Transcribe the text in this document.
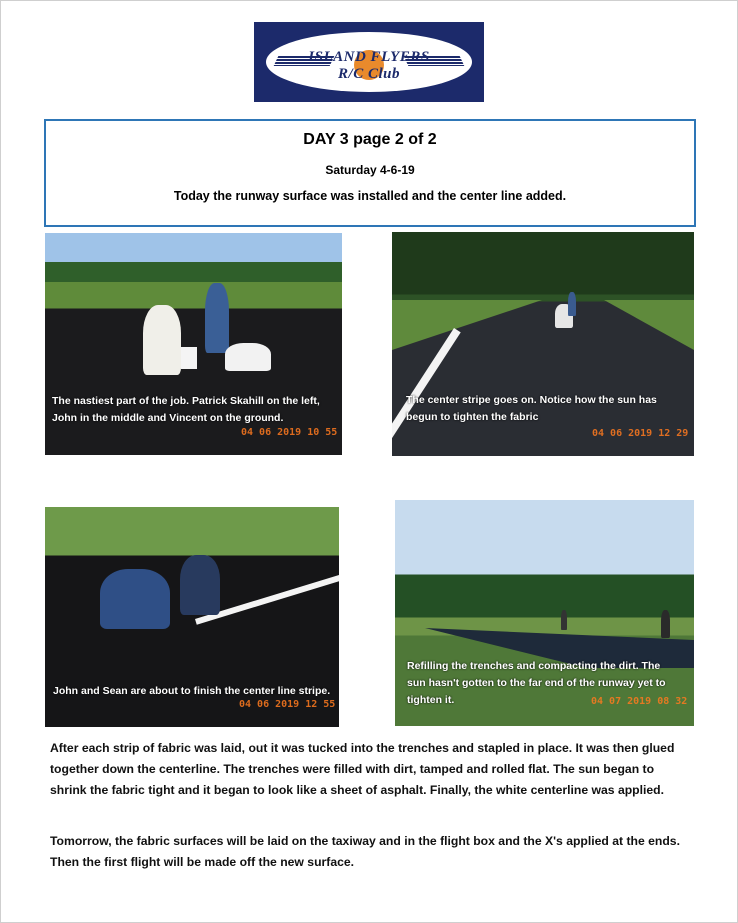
ISLAND FLYERS
R/C Club
DAY 3 page 2 of 2
Saturday 4-6-19
Today the runway surface was installed and the center line added.
The nastiest part of the job. Patrick Skahill on the left,
John in the middle and Vincent on the ground.
04 06 2019 10 55
The center stripe goes on. Notice how the sun has
begun to tighten the fabric
04 06 2019 12 29
John and Sean are about to finish the center line stripe.
04 06 2019 12 55
Refilling the trenches and compacting the dirt. The
sun hasn't gotten to the far end of the runway yet to
tighten it.	04 07 2019 08 32
After each strip of fabric was laid, out it was tucked into the trenches and stapled in place. It was then glued together down the centerline. The trenches were filled with dirt, tamped and rolled flat. The sun began to shrink the fabric tight and it began to look like a sheet of asphalt. Finally, the white centerline was applied.
Tomorrow, the fabric surfaces will be laid on the taxiway and in the flight box and the X's applied at the ends. Then the first flight will be made off the new surface.
